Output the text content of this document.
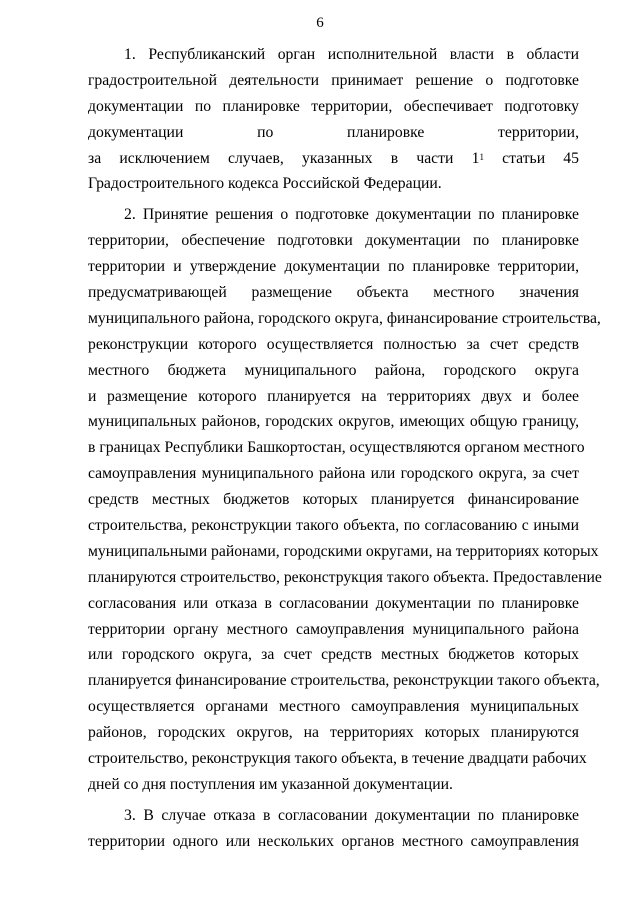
6

1. Республиканский орган исполнительной власти в области
градостроительной деятельности принимает решение о подготовке
документации по планировке территории, обеспечивает подготовку
документации по планировке территории,
за    исключением    случаев,    указанных    в    части    $1^1$    статьи    45
Градостроительного кодекса Российской Федерации.

2. Принятие решения о подготовке документации по планировке
территории, обеспечение подготовки документации по планировке
территории и утверждение документации по планировке территории,
предусматривающей размещение объекта местного значения
муниципального района, городского округа, финансирование строительства,
реконструкции которого осуществляется полностью за счет средств
местного бюджета муниципального района, городского округа
и размещение которого планируется на территориях двух и более
муниципальных районов, городских округов, имеющих общую границу,
в границах Республики Башкортостан, осуществляются органом местного
самоуправления муниципального района или городского округа, за счет
средств местных бюджетов которых планируется финансирование
строительства, реконструкции такого объекта, по согласованию с иными
муниципальными районами, городскими округами, на территориях которых
планируются строительство, реконструкция такого объекта. Предоставление
согласования или отказа в согласовании документации по планировке
территории органу местного самоуправления муниципального района
или городского округа, за счет средств местных бюджетов которых
планируется финансирование строительства, реконструкции такого объекта,
осуществляется органами местного самоуправления муниципальных
районов, городских округов, на территориях которых планируются
строительство, реконструкция такого объекта, в течение двадцати рабочих
дней со дня поступления им указанной документации.

3. В случае отказа в согласовании документации по планировке
территории одного или нескольких органов местного самоуправления
